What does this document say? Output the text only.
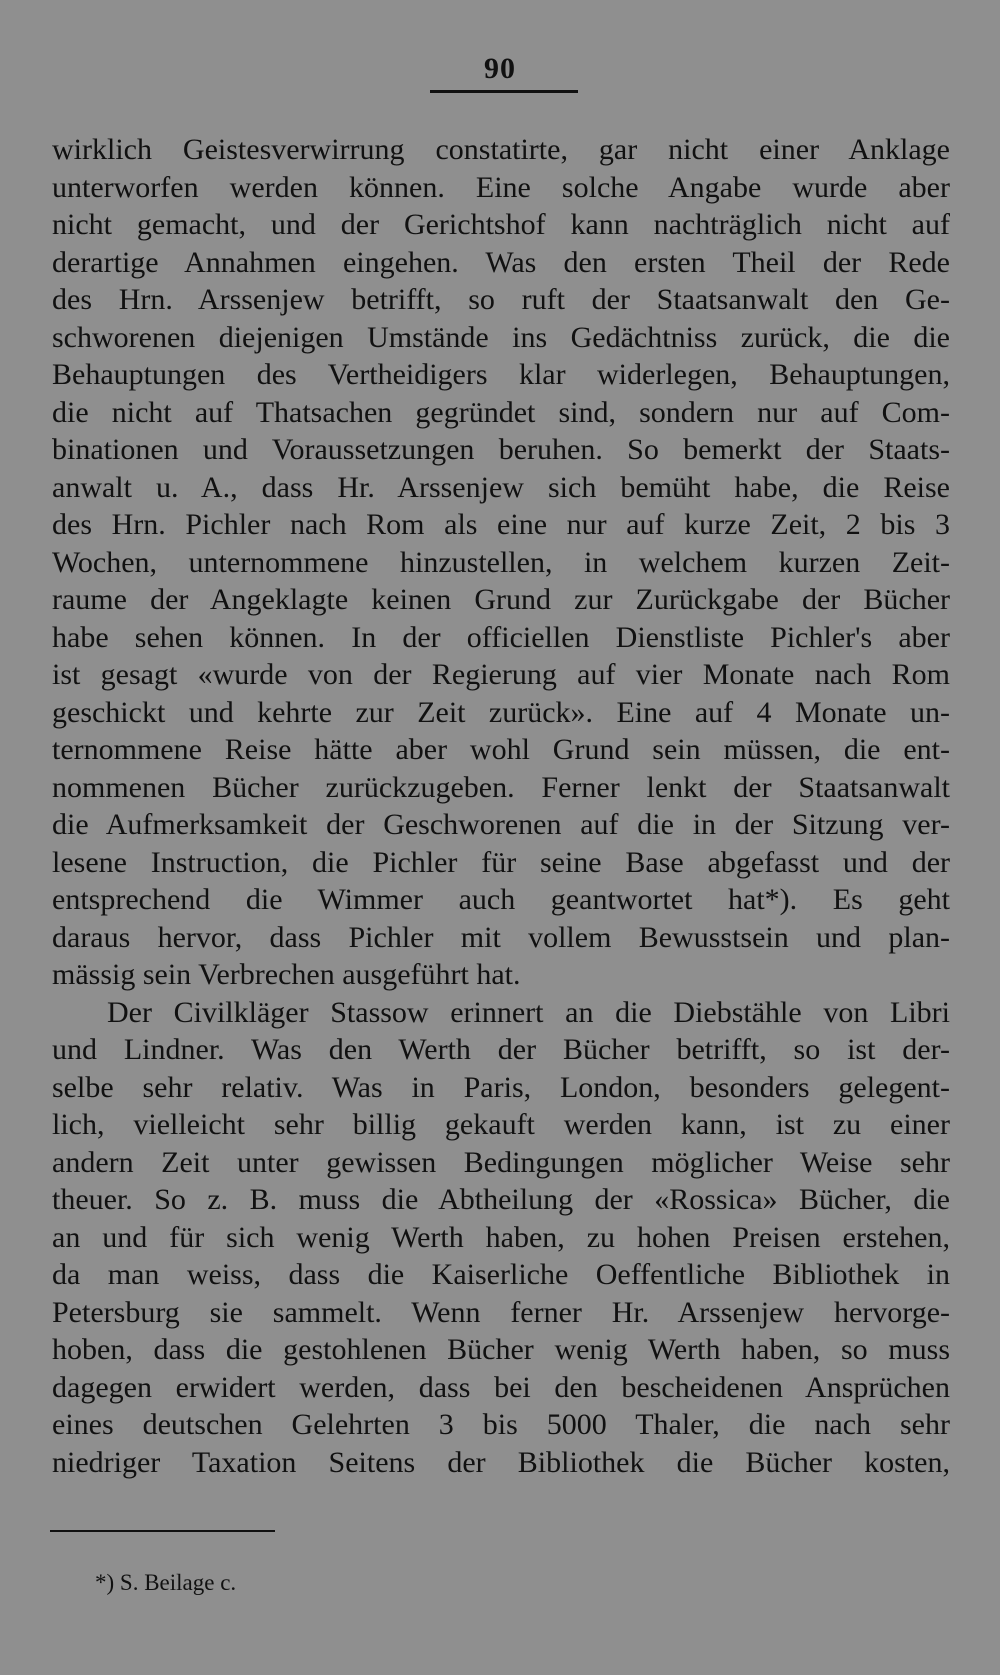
90
wirklich Geistesverwirrung constatirte, gar nicht einer Anklage
unterworfen werden können. Eine solche Angabe wurde aber
nicht gemacht, und der Gerichtshof kann nachträglich nicht auf
derartige Annahmen eingehen. Was den ersten Theil der Rede
des Hrn. Arssenjew betrifft, so ruft der Staatsanwalt den Ge-
schworenen diejenigen Umstände ins Gedächtniss zurück, die die
Behauptungen des Vertheidigers klar widerlegen, Behauptungen,
die nicht auf Thatsachen gegründet sind, sondern nur auf Com-
binationen und Voraussetzungen beruhen. So bemerkt der Staats-
anwalt u. A., dass Hr. Arssenjew sich bemüht habe, die Reise
des Hrn. Pichler nach Rom als eine nur auf kurze Zeit, 2 bis 3
Wochen, unternommene hinzustellen, in welchem kurzen Zeit-
raume der Angeklagte keinen Grund zur Zurückgabe der Bücher
habe sehen können. In der officiellen Dienstliste Pichler's aber
ist gesagt «wurde von der Regierung auf vier Monate nach Rom
geschickt und kehrte zur Zeit zurück». Eine auf 4 Monate un-
ternommene Reise hätte aber wohl Grund sein müssen, die ent-
nommenen Bücher zurückzugeben. Ferner lenkt der Staatsanwalt
die Aufmerksamkeit der Geschworenen auf die in der Sitzung ver-
lesene Instruction, die Pichler für seine Base abgefasst und der
entsprechend die Wimmer auch geantwortet hat*). Es geht
daraus hervor, dass Pichler mit vollem Bewusstsein und plan-
mässig sein Verbrechen ausgeführt hat.
Der Civilkläger Stassow erinnert an die Diebstähle von Libri
und Lindner. Was den Werth der Bücher betrifft, so ist der-
selbe sehr relativ. Was in Paris, London, besonders gelegent-
lich, vielleicht sehr billig gekauft werden kann, ist zu einer
andern Zeit unter gewissen Bedingungen möglicher Weise sehr
theuer. So z. B. muss die Abtheilung der «Rossica» Bücher, die
an und für sich wenig Werth haben, zu hohen Preisen erstehen,
da man weiss, dass die Kaiserliche Oeffentliche Bibliothek in
Petersburg sie sammelt. Wenn ferner Hr. Arssenjew hervorge-
hoben, dass die gestohlenen Bücher wenig Werth haben, so muss
dagegen erwidert werden, dass bei den bescheidenen Ansprüchen
eines deutschen Gelehrten 3 bis 5000 Thaler, die nach sehr
niedriger Taxation Seitens der Bibliothek die Bücher kosten,
*) S. Beilage c.
